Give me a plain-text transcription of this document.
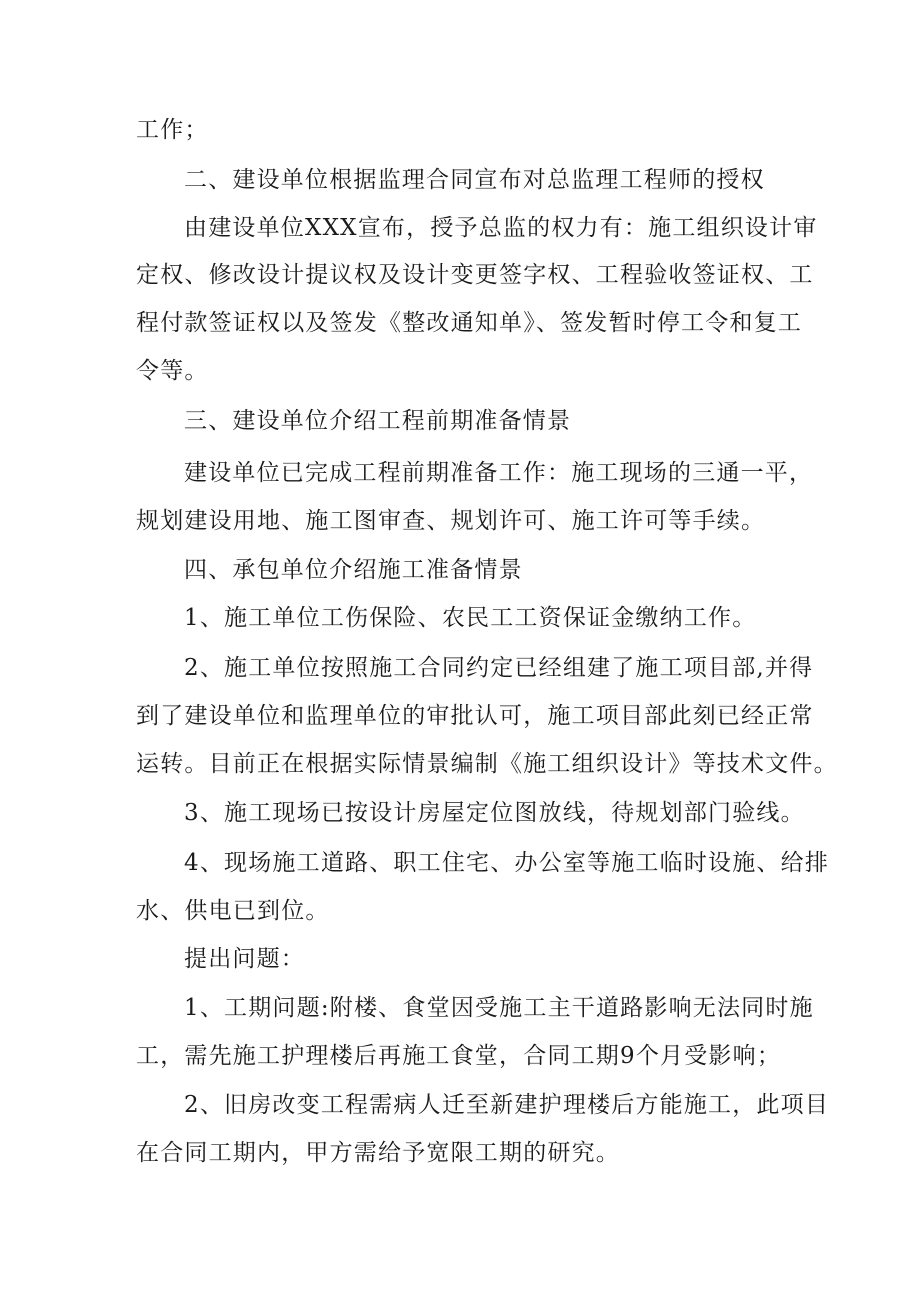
工作；
二、建设单位根据监理合同宣布对总监理工程师的授权
由建设单位XXX宣布，授予总监的权力有：施工组织设计审
定权、修改设计提议权及设计变更签字权、工程验收签证权、工
程付款签证权以及签发《整改通知单》、签发暂时停工令和复工
令等。
三、建设单位介绍工程前期准备情景
建设单位已完成工程前期准备工作：施工现场的三通一平，
规划建设用地、施工图审查、规划许可、施工许可等手续。
四、承包单位介绍施工准备情景
1、施工单位工伤保险、农民工工资保证金缴纳工作。
2、施工单位按照施工合同约定已经组建了施工项目部,并得
到了建设单位和监理单位的审批认可，施工项目部此刻已经正常
运转。目前正在根据实际情景编制《施工组织设计》等技术文件。
3、施工现场已按设计房屋定位图放线，待规划部门验线。
4、现场施工道路、职工住宅、办公室等施工临时设施、给排
水、供电已到位。
提出问题：
1、工期问题:附楼、食堂因受施工主干道路影响无法同时施
工，需先施工护理楼后再施工食堂，合同工期9个月受影响；
2、旧房改变工程需病人迁至新建护理楼后方能施工，此项目
在合同工期内，甲方需给予宽限工期的研究。
